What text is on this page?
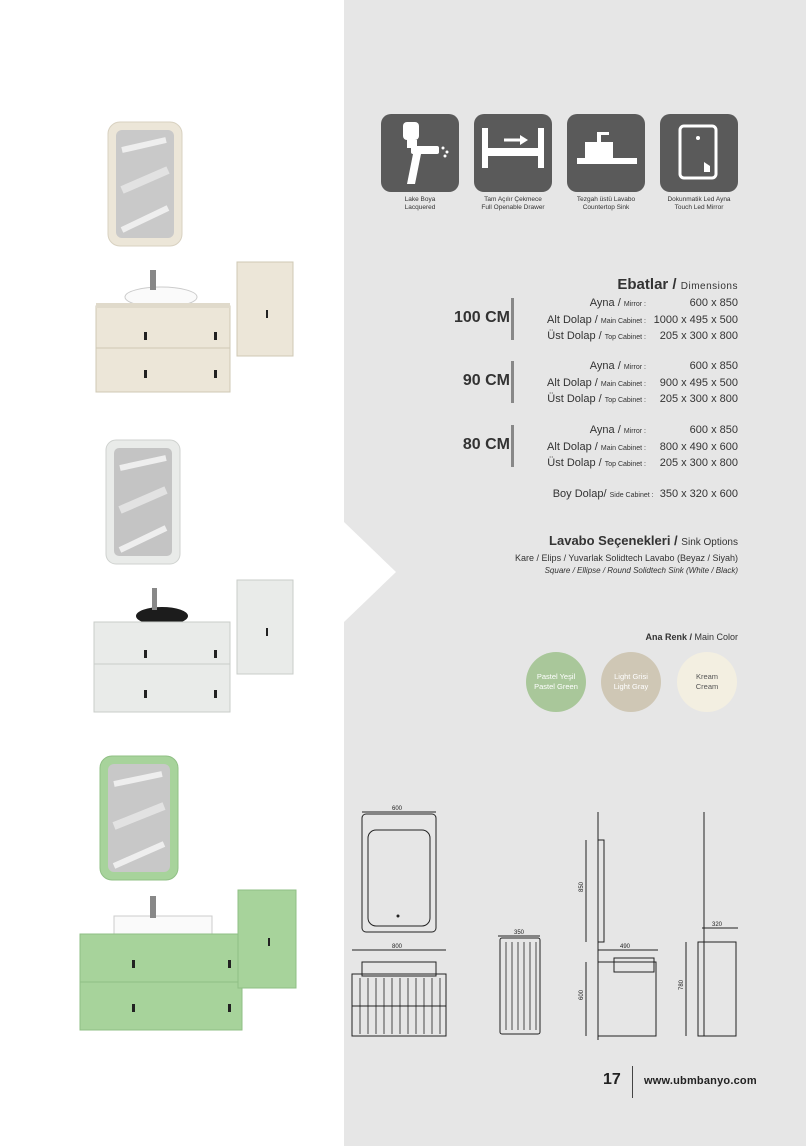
Lake Boya
Lacquered
Tam Açılır Çekmece
Full Openable Drawer
Tezgah üstü Lavabo
Countertop Sink
Dokunmatik Led Ayna
Touch Led Mirror
Ebatlar / Dimensions
100 CM
Ayna / Mirror :	600 x 850
Alt Dolap / Main Cabinet : 1000 x 495 x 500
Üst Dolap / Top Cabinet :	205 x 300 x 800
90 CM
Ayna / Mirror :	600 x 850
Alt Dolap / Main Cabinet :	900 x 495 x 500
Üst Dolap / Top Cabinet :	205 x 300 x 800
80 CM
Ayna / Mirror :	600 x 850
Alt Dolap / Main Cabinet :	800 x 490 x 600
Üst Dolap / Top Cabinet :	205 x 300 x 800
Boy Dolap/ Side Cabinet : 350 x 320 x 600
Lavabo Seçenekleri / Sink Options
Kare / Elips / Yuvarlak Solidtech Lavabo (Beyaz / Siyah)
Square / Ellipse / Round Solidtech Sink (White / Black)
Ana Renk / Main Color
Pastel Yeşil
Pastel Green
Light Grisi
Light Gray
Kream
Cream
600
800
350
850
490
600
320
780
17 www.ubmbanyo.com
